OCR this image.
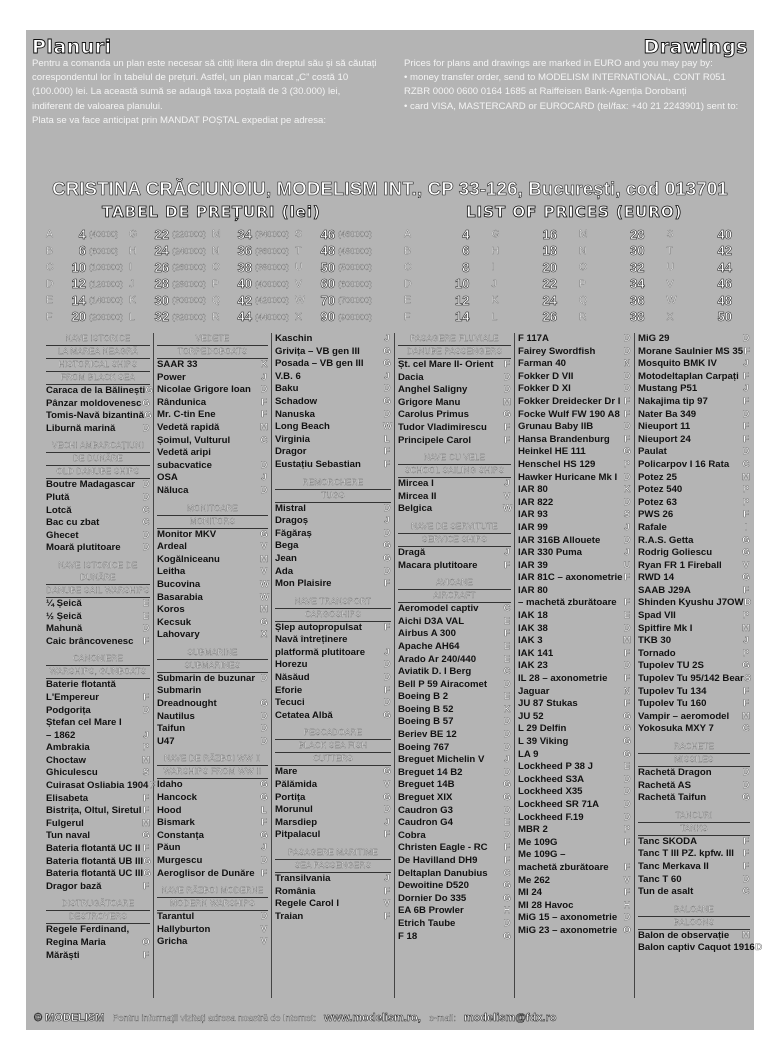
Planuri	Drawings

Pentru a comanda un plan este necesar să citiți litera din dreptul său și să căutați corespondentul lor în tabelul de prețuri. Astfel, un plan marcat „C” costă 10 (100.000) lei. La această sumă se adaugă taxa poștală de 3 (30.000) lei, indiferent de valoarea planului.

Plata se va face anticipat prin MANDAT POȘTAL expediat pe adresa:

Prices for plans and drawings are marked in EURO and you may pay by:

• money transfer order, send to MODELISM INTERNATIONAL, CONT R051 RZBR 0000 0600 0164 1685 at Raiffeisen Bank-Agenția Dorobanți

• card VISA, MASTERCARD or EUROCARD (tel/fax: +40 21 2243901) sent to:

CRISTINA CRĂCIUNOIU, MODELISM INT., CP 33-126, București, cod 013701
TABEL DE PREȚURI (lei)	LIST OF PRICES (EURO)
A	4	(40000)	G	22	(220000)	M	34	(340000)	S	46	(460000)
B	6	(60000)	H	24	(240000)	N	36	(360000)	T	48	(480000)
C	10	(100000)	I	26	(260000)	O	38	(380000)	U	50	(500000)
D	12	(120000)	J	28	(280000)	P	40	(400000)	V	60	(600000)
E	14	(140000)	K	30	(300000)	Q	42	(420000)	W	70	(700000)
F	20	(200000)	L	32	(320000)	R	44	(440000)	X	90	(900000)
A	4	G	16	M	28	S	40
B	6	H	18	N	30	T	42
C	8	I	20	O	32	U	44
D	10	J	22	P	34	V	46
E	12	K	24	Q	36	W	48
F	14	L	26	R	38	X	50
NAVE ISTORICE
LA MAREA NEAGRĂ
HISTORICAL SHIPS
FROM BLACK SEA
Caraca de la Bălinești G
Pânzar moldovenesc G
Tomis-Navă bizantină G
Liburnă marină	D
VECHI AMBARCAȚIUNI
DE DUNĂRE
OLD DANUBE SHIPS
Boutre Madagascar D
Plută	D
Lotcă	C
Bac cu zbat	C
Ghecet	D
Moară plutitoare D
NAVE ISTORICE DE DUNĂRE
DANUBE SAIL WARSHIPS
¼ Șeică	E
½ Șeică	E
Mahună	D
Caic brâncovenesc F
CANONIERE
WARSHIPS, GUNBOATS
Baterie flotantă
L'Empereur	F
Podgorița	D
Ștefan cel Mare I
– 1862	J
Ambrakia	P
Choctaw	M
Ghiculescu	S
Cuirasat Osliabia 1904 F
Elisabeta	F
Bistrița, Oltul, Siretul F
Fulgerul	M
Tun naval	G
Bateria flotantă UC II F
Bateria flotantă UB III G
Bateria flotantă UC III G
Dragor bază	F
DISTRUGĂTOARE
DESTROYERS
Regele Ferdinand,
Regina Maria	O
Mărăști	F
VEDETE
TORPEDOBOATS
SAAR 33	K
Power	J
Nicolae Grigore Ioan D
Rândunica	F
Mr. C-tin Ene	F
Vedetă rapidă	M
Șoimul, Vulturul	C
Vedetă aripi
subacvatice	D
OSA	J
Năluca	D
MONITOARE
MONITORS
Monitor MKV	G
Ardeal	V
Kogălniceanu	M
Leitha	V
Bucovina	W
Basarabia	W
Koros	M
Kecsuk	G
Lahovary	X
SUBMARINE
SUBMARINES
Submarin de buzunar D
Submarin
Dreadnought	G
Nautilus	D
Taifun	D
U47	D
NAVE DE RĂZBOI WW II
WARSHIPS FROM WW II
Idaho	G
Hancock	G
Hood	L
Bismark	F
Constanța	G
Păun	J
Murgescu	D
Aeroglisor de Dunăre F
NAVE RĂZBOI MODERNE
MODERN WARSHIPS
Tarantul	D
Hallyburton	V
Gricha	V
Kaschin	J
Grivița – VB gen III G
Posada – VB gen III G
V.B. 6	J
Baku	D
Schadow	G
Nanuska	D
Long Beach	W
Virginia	L
Dragor	F
Eustațiu Sebastian F
REMORCHERE
TUGS
Mistral	D
Dragoș	J
Făgăraș	D
Bega	G
Jean	G
Ada	D
Mon Plaisire	F
NAVE TRANSPORT
CARGOSHIPS
Șlep autopropulsat F
Navă întreținere
platformă plutitoare J
Horezu	D
Năsăud	D
Eforie	F
Tecuci	D
Cetatea Albă	G
PESCADOARE
BLACK SEA FISH
CUTTERS
Mare	G
Pălămida	V
Portița	G
Morunul	D
Marsdiep	J
Pitpalacul	F
PASAGERE MARITIME
SEA PASSENGERS
Transilvania	J
România	F
Regele Carol I	V
Traian	F
PASAGERE FLUVIALE
DANUBE PASSENGERS
Șt. cel Mare II- Orient F
Dacia	D
Anghel Saligny	D
Grigore Manu	M
Carolus Primus	G
Tudor Vladimirescu F
Principele Carol	F
NAVE CU VELE
SCHOOL SAILING SHIPS
Mircea I	J
Mircea II	V
Belgica	W
NAVE DE SERVITUTE
SERVICE SHIPS
Dragă	J
Macara plutitoare	F
AVIOANE
AIRCRAFT
Aeromodel captiv	C
Aichi D3A VAL	E
Airbus A 300	F
Apache AH64	E
Arado Ar 240/440	E
Aviatik D. I Berg	C
Bell P 59 Airacomet D
Boeing B 2	E
Boeing B 52	K
Boeing B 57	D
Beriev BE 12	D
Boeing 767	D
Breguet Michelin V J
Breguet 14 B2	D
Breguet 14B	G
Breguet XIX	G
Caudron G3	D
Caudron G4	E
Cobra	D
Christen Eagle - RC F
De Havilland DH9	F
Deltaplan Danubius C
Dewoitine D520	G
Dornier Do 335	G
EA 6B Prowler	H
Etrich Taube	D
F 18	G
F 117A	D
Fairey Swordfish	D
Farman 40	N
Fokker D VII	D
Fokker D XI	D
Fokker Dreidecker Dr I F
Focke Wulf FW 190 A8 F
Grunau Baby IIB	D
Hansa Brandenburg F
Heinkel HE 111	G
Henschel HS 129	P
Hawker Huricane Mk I D
IAR 80	K
IAR 822	D
IAR 93	S
IAR 99	J
IAR 316B Allouete D
IAR 330 Puma	J
IAR 39	U
IAR 81C – axonometrie F
IAR 80
– machetă zburătoare F
IAK 18	E
IAK 38	D
IAK 3	M
IAK 141	F
IAK 23	D
IL 28 – axonometrie F
Jaguar	N
JU 87 Stukas	F
JU 52	G
L 29 Delfin	G
L 39 Viking	G
LA 9	G
Lockheed P 38 J	E
Lockheed S3A	D
Lockheed X35	D
Lockheed SR 71A	D
Lockheed F.19	D
MBR 2	P
Me 109G	F
Me 109G –
machetă zburătoare F
Me 262	V
MI 24	F
MI 28 Havoc	H
MiG 15 – axonometrie D
MiG 23 – axonometrie O
MiG 29	D
Morane Saulnier MS 35 F
Mosquito BMK IV	J
Motodeltaplan Carpați F
Mustang P51	J
Nakajima tip 97	F
Nater Ba 349	D
Nieuport 11	F
Nieuport 24	F
Paulat	D
Policarpov I 16 Rata C
Potez 25	M
Potez 540	P
Potez 63	P
PWS 26	F
Rafale	I
R.A.S. Getta	G
Rodrig Goliescu	G
Ryan FR 1 Fireball V
RWD 14	G
SAAB J29A	F
Shinden Kyushu J7OW D
Spad VII	P
Spitfire Mk I	M
TKB 30	J
Tornado	P
Tupolev TU 2S	G
Tupolev Tu 95/142 Bear S
Tupolev Tu 134	F
Tupolev Tu 160	F
Vampir – aeromodel M
Yokosuka MXY 7	C
RACHETE
MISSILES
Rachetă Dragon	D
Rachetă AS	D
Rachetă Taifun	G
TANCURI
TANKS
Tanc SKODA	F
Tanc T III PZ. kpfw. III F
Tanc Merkava II	F
Tanc T 60	D
Tun de asalt	C
BALOANE
BALOONS
Balon de observație M
Balon captiv Caquot 1916 D
© MODELISM Pentru informații vizitați adresa noastră de Internet: www.modelism.ro, e-mail: modelism@fdx.ro
